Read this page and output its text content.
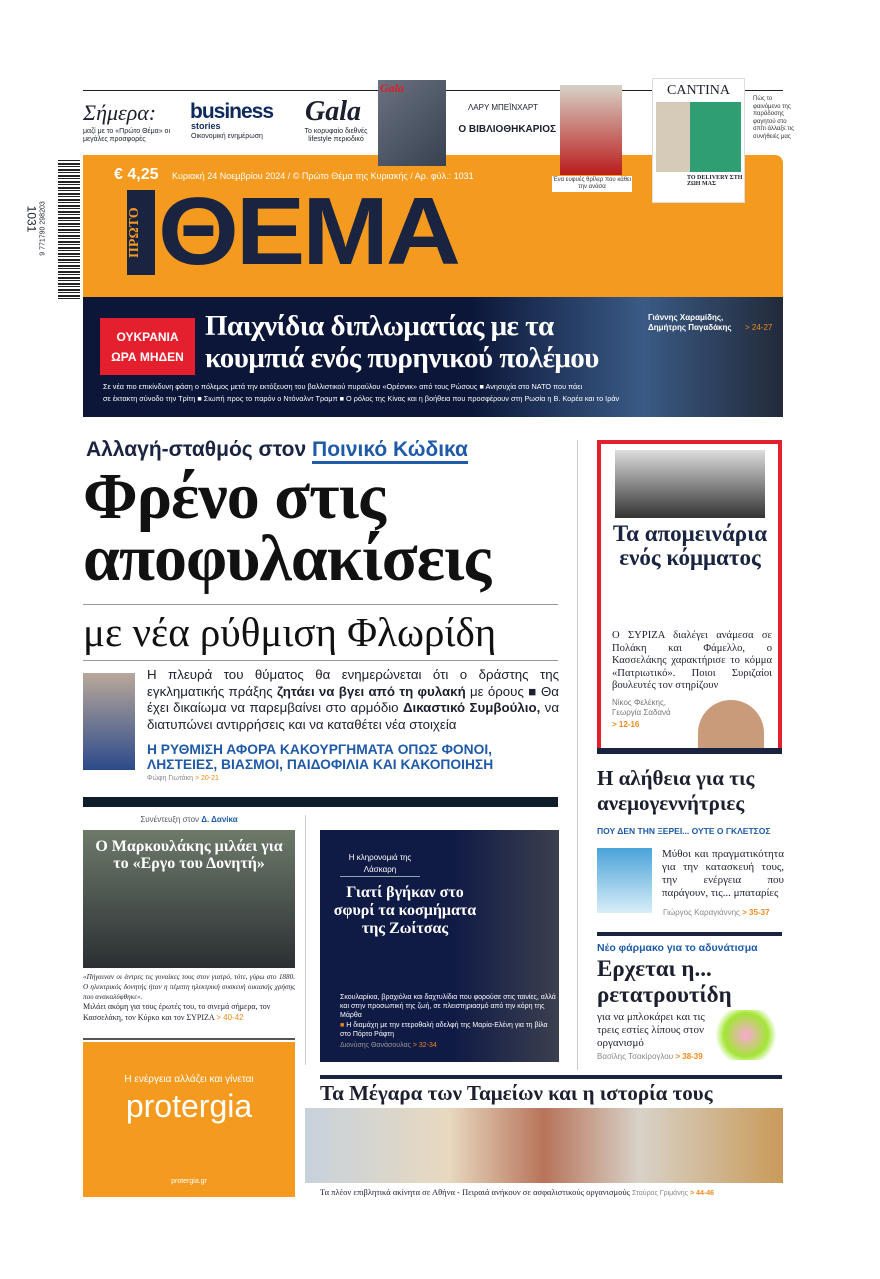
Σήμερα:
μαζί με το «Πρώτο Θέμα» οι μεγάλες προσφορές
business
stories
Οικονομική ενημέρωση
Gala
Το κορυφαίο διεθνές lifestyle περιοδικό
Gala
ΛΑΡΥ ΜΠΕΪΝΧΑΡΤ
Ο ΒΙΒΛΙΟΘΗΚΑΡΙΟΣ
Ένα ευφυές θρίλερ που κάθει την ανάσα
CANTINA
TO DELIVERY ΣΤΗ ΖΩΗ ΜΑΣ
Πώς το φαινόμενο της παράδοσης φαγητού στο σπίτι άλλαξε τις συνήθειές μας
9 771790 298203
1031
€ 4,25 Κυριακή 24 Νοεμβρίου 2024 / © Πρώτο Θέμα της Κυριακής / Αρ. φύλ.: 1031
ΠΡΩΤΟ ΘΕΜΑ
ΟΥΚΡΑΝΙΑ
ΩΡΑ ΜΗΔΕΝ
Παιχνίδια διπλωματίας με τα
κουμπιά ενός πυρηνικού πολέμου
Γιάννης Χαραμίδης, Δημήτρης Παγαδάκης	> 24-27
Σε νέα πιο επικίνδυνη φάση ο πόλεμος μετά την εκτόξευση του βαλλιστικού πυραύλου «Ορέσνικ» από τους Ρώσους ■ Ανησυχία στο ΝΑΤΟ που πάει
σε έκτακτη σύνοδο την Τρίτη ■ Σιωπή προς το παρόν ο Ντόναλντ Τραμπ ■ Ο ρόλος της Κίνας και η βοήθεια που προσφέρουν στη Ρωσία η Β. Κορέα και το Ιράν
Αλλαγή-σταθμός στον Ποινικό Κώδικα
Φρένο στις
αποφυλακίσεις
με νέα ρύθμιση Φλωρίδη
Η πλευρά του θύματος θα ενημερώνεται ότι ο δράστης της εγκληματικής πράξης ζητάει να βγει από τη φυλακή με όρους ■ Θα έχει δικαίωμα να παρεμβαίνει στο αρμόδιο Δικαστικό Συμβούλιο, να διατυπώνει αντιρρήσεις και να καταθέτει νέα στοιχεία
Η ΡΥΘΜΙΣΗ ΑΦΟΡΑ ΚΑΚΟΥΡΓΗΜΑΤΑ ΟΠΩΣ ΦΟΝΟΙ, ΛΗΣΤΕΙΕΣ, ΒΙΑΣΜΟΙ, ΠΑΙΔΟΦΙΛΙΑ ΚΑΙ ΚΑΚΟΠΟΙΗΣΗ
Φώφη Γιωτάκη > 20-21
Τα απομεινάρια ενός κόμματος
Ο ΣΥΡΙΖΑ διαλέγει ανάμεσα σε Πολάκη και Φάμελλο, ο Κασσελάκης χαρακτήρισε το κόμμα «Πατριωτικό». Ποιοι Συριζαίοι βουλευτές τον στηρίζουν
Νίκος Φελέκης, Γεωργία Σαδανά
> 12-16
Η αλήθεια για τις ανεμογεννήτριες
ΠΟΥ ΔΕΝ ΤΗΝ ΞΕΡΕΙ... ΟΥΤΕ Ο ΓΚΛΕΤΣΟΣ
Μύθοι και πραγματικότητα για την κατασκευή τους, την ενέργεια που παράγουν, τις... μπαταρίες
Γιώργος Καραγιάννης > 35-37
Νέο φάρμακο για το αδυνάτισμα
Ερχεται η... ρετατρουτίδη
για να μπλοκάρει και τις τρεις εστίες λίπους στον οργανισμό
Βασίλης Τσακίρογλου > 38-39
Συνέντευξη στον Δ. Δανίκα
Ο Μαρκουλάκης μιλάει για το «Εργο του Δονητή»
«Πήγαιναν οι άντρες τις γυναίκες τους στον γιατρό, τότε, γύρω στο 1880. Ο ηλεκτρικός δονητής ήταν η πέμπτη ηλεκτρική συσκευή οικιακής χρήσης που ανακαλύφθηκε».
Μιλάει ακόμη για τους έρωτές του, το σινεμά σήμερα, τον Κασσελάκη, τον Κύρκο και τον ΣΥΡΙΖΑ > 40-42
Η κληρονομιά της Λάσκαρη
Γιατί βγήκαν στο σφυρί τα κοσμήματα της Ζωίτσας
Σκουλαρίκια, βραχιόλια και δαχτυλίδια που φορούσε στις ταινίες, αλλά και στην προσωπική της ζωή, σε πλειστηριασμό από την κόρη της Μάρθα
■ Η διαμάχη με την ετεροθαλή αδελφή της Μαρία-Ελένη για τη βίλα στο Πόρτο Ράφτη
Διονύσης Θανάσουλας > 32-34
Η ενέργεια αλλάζει και γίνεται
protergia
protergia.gr
Τα Μέγαρα των Ταμείων και η ιστορία τους
Τα πλέον επιβλητικά ακίνητα σε Αθήνα - Πειραιά ανήκουν σε ασφαλιστικούς οργανισμούς Σταύρος Γριμάνης > 44-46
